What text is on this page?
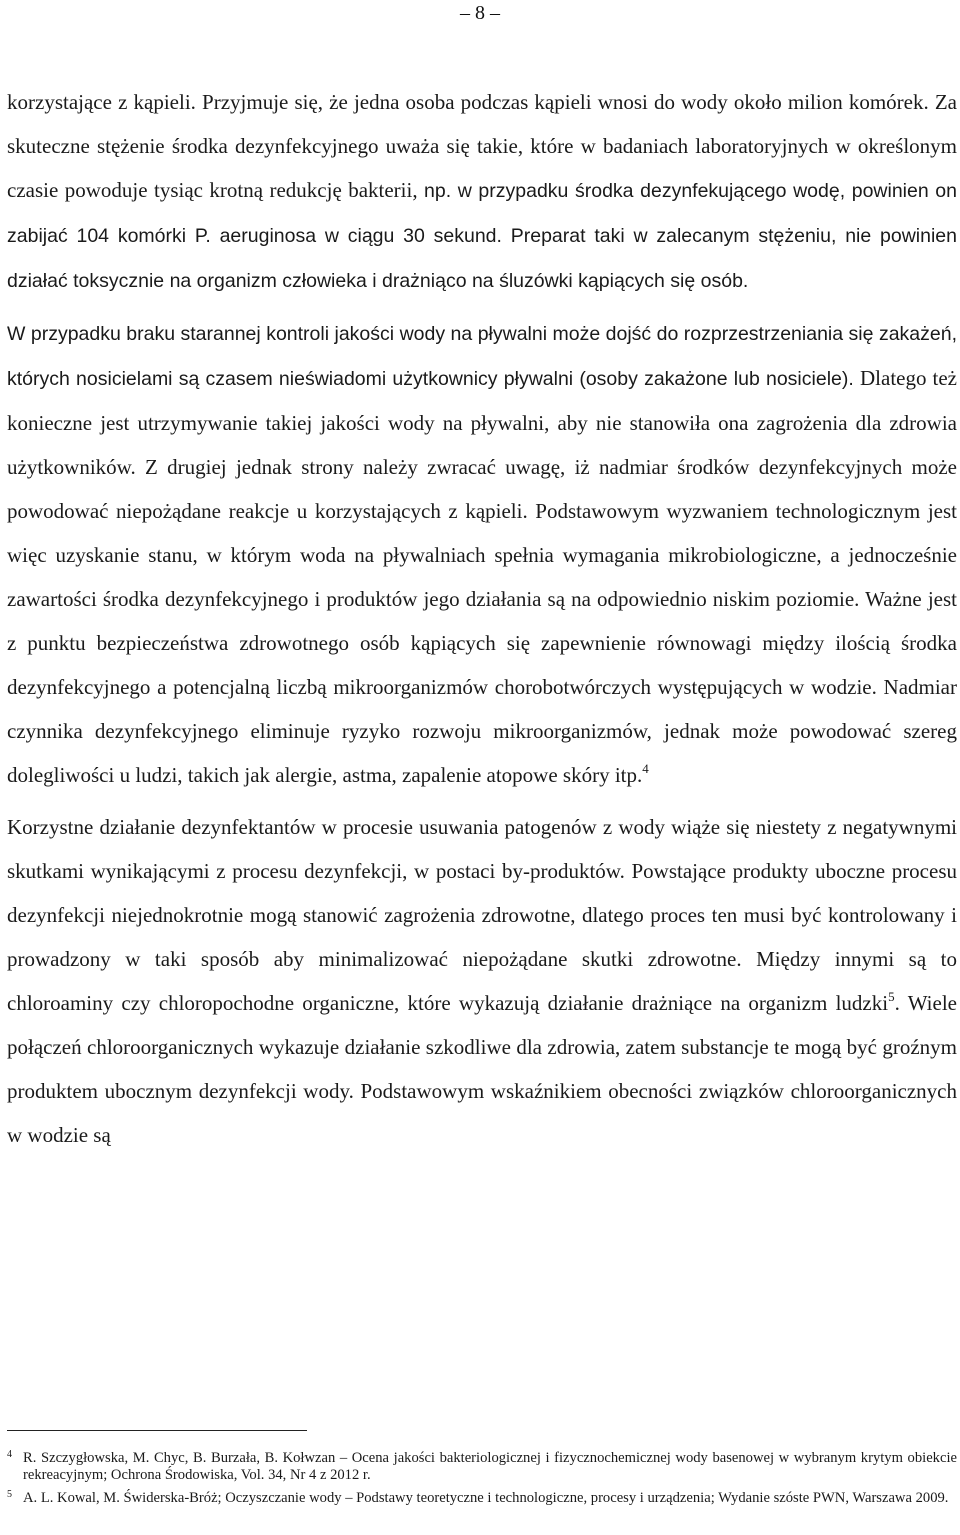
– 8 –

korzystające z kąpieli. Przyjmuje się, że jedna osoba podczas kąpieli wnosi do wody około milion komórek. Za skuteczne stężenie środka dezynfekcyjnego uważa się takie, które w badaniach laboratoryjnych w określonym czasie powoduje tysiąc krotną redukcję bakterii, np. w przypadku środka dezynfekującego wodę, powinien on zabijać 104 komórki P. aeruginosa w ciągu 30 sekund. Preparat taki w zalecanym stężeniu, nie powinien działać toksycznie na organizm człowieka i drażniąco na śluzówki kąpiących się osób.

W przypadku braku starannej kontroli jakości wody na pływalni może dojść do rozprzestrzeniania się zakażeń, których nosicielami są czasem nieświadomi użytkownicy pływalni (osoby zakażone lub nosiciele). Dlatego też konieczne jest utrzymywanie takiej jakości wody na pływalni, aby nie stanowiła ona zagrożenia dla zdrowia użytkowników. Z drugiej jednak strony należy zwracać uwagę, iż nadmiar środków dezynfekcyjnych może powodować niepożądane reakcje u korzystających z kąpieli. Podstawowym wyzwaniem technologicznym jest więc uzyskanie stanu, w którym woda na pływalniach spełnia wymagania mikrobiologiczne, a jednocześnie zawartości środka dezynfekcyjnego i produktów jego działania są na odpowiednio niskim poziomie. Ważne jest z punktu bezpieczeństwa zdrowotnego osób kąpiących się zapewnienie równowagi między ilością środka dezynfekcyjnego a potencjalną liczbą mikroorganizmów chorobotwórczych występujących w wodzie. Nadmiar czynnika dezynfekcyjnego eliminuje ryzyko rozwoju mikroorganizmów, jednak może powodować szereg dolegliwości u ludzi, takich jak alergie, astma, zapalenie atopowe skóry itp.$^4$

Korzystne działanie dezynfektantów w procesie usuwania patogenów z wody wiąże się niestety z negatywnymi skutkami wynikającymi z procesu dezynfekcji, w postaci by-produktów. Powstające produkty uboczne procesu dezynfekcji niejednokrotnie mogą stanowić zagrożenia zdrowotne, dlatego proces ten musi być kontrolowany i prowadzony w taki sposób aby minimalizować niepożądane skutki zdrowotne. Między innymi są to chloroaminy czy chloropochodne organiczne, które wykazują działanie drażniące na organizm ludzki$^5$. Wiele połączeń chloroorganicznych wykazuje działanie szkodliwe dla zdrowia, zatem substancje te mogą być groźnym produktem ubocznym dezynfekcji wody. Podstawowym wskaźnikiem obecności związków chloroorganicznych w wodzie są

$^4$ R. Szczygłowska, M. Chyc, B. Burzała, B. Kołwzan – Ocena jakości bakteriologicznej i fizycznochemicznej wody basenowej w wybranym krytym obiekcie rekreacyjnym; Ochrona Środowiska, Vol. 34, Nr 4 z 2012 r.
$^5$ A. L. Kowal, M. Świderska-Bróż; Oczyszczanie wody – Podstawy teoretyczne i technologiczne, procesy i urządzenia; Wydanie szóste PWN, Warszawa 2009.
